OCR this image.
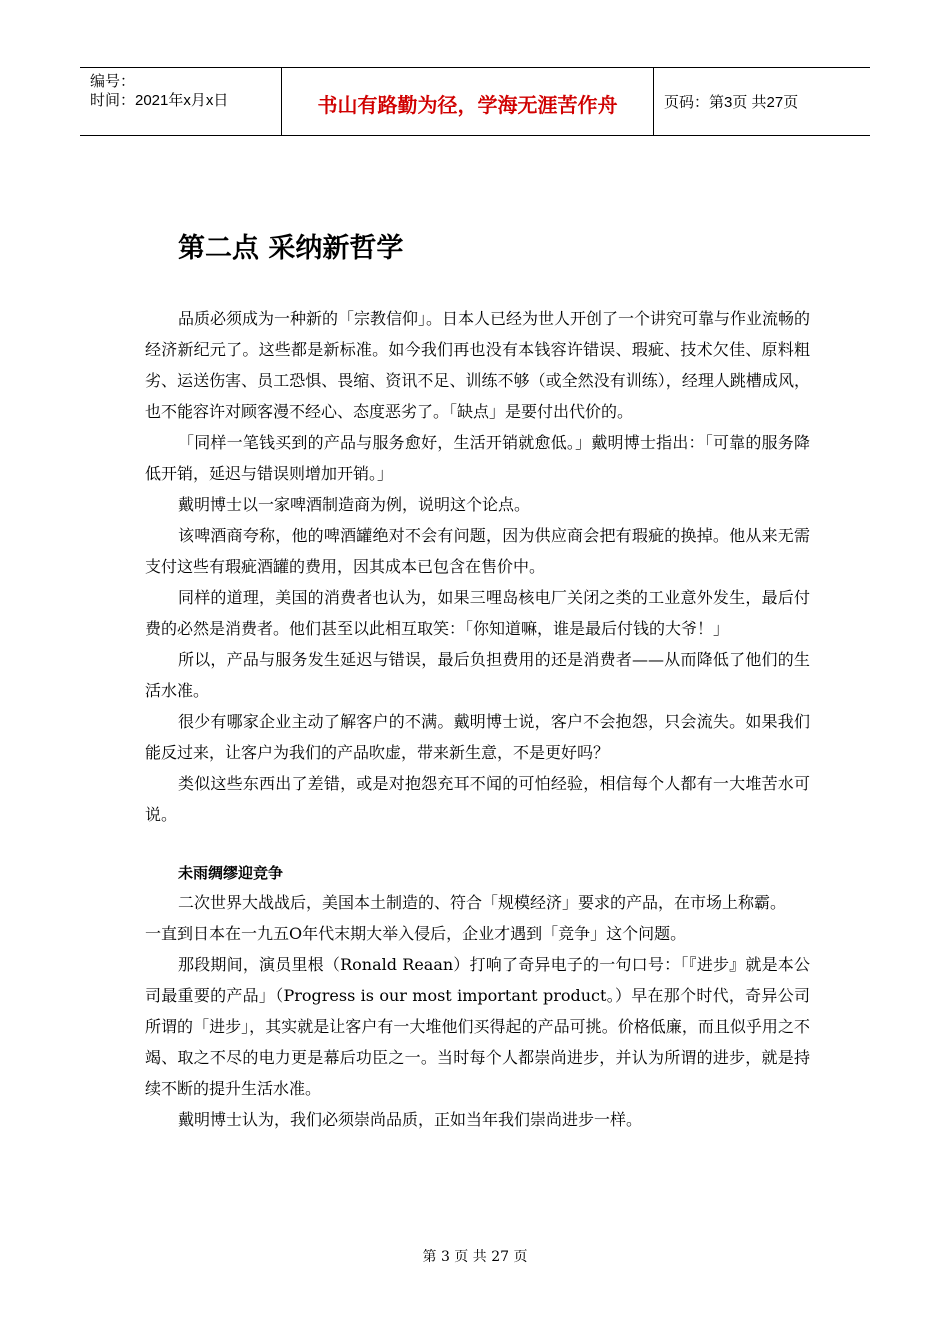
编号：
时间：2021年x月x日	书山有路勤为径，学海无涯苦作舟	页码：第3页 共27页
第二点 采纳新哲学

品质必须成为一种新的「宗教信仰」。日本人已经为世人开创了一个讲究可靠与作业流畅的经济新纪元了。这些都是新标准。如今我们再也没有本钱容许错误、瑕疵、技术欠佳、原料粗劣、运送伤害、员工恐惧、畏缩、资讯不足、训练不够（或全然没有训练），经理人跳槽成风，也不能容许对顾客漫不经心、态度恶劣了。「缺点」是要付出代价的。

「同样一笔钱买到的产品与服务愈好，生活开销就愈低。」戴明博士指出：「可靠的服务降低开销，延迟与错误则增加开销。」

戴明博士以一家啤酒制造商为例，说明这个论点。

该啤酒商夸称，他的啤酒罐绝对不会有问题，因为供应商会把有瑕疵的换掉。他从来无需支付这些有瑕疵酒罐的费用，因其成本已包含在售价中。

同样的道理，美国的消费者也认为，如果三哩岛核电厂关闭之类的工业意外发生，最后付费的必然是消费者。他们甚至以此相互取笑：「你知道嘛，谁是最后付钱的大爷！」

所以，产品与服务发生延迟与错误，最后负担费用的还是消费者——从而降低了他们的生活水准。

很少有哪家企业主动了解客户的不满。戴明博士说，客户不会抱怨，只会流失。如果我们能反过来，让客户为我们的产品吹虚，带来新生意，不是更好吗？

类似这些东西出了差错，或是对抱怨充耳不闻的可怕经验，相信每个人都有一大堆苦水可说。

未雨绸缪迎竞争

二次世界大战战后，美国本土制造的、符合「规模经济」要求的产品，在市场上称霸。

一直到日本在一九五O年代末期大举入侵后，企业才遇到「竞争」这个问题。

那段期间，演员里根（Ronald Reaan）打响了奇异电子的一句口号：「『进步』就是本公司最重要的产品」（Progress is our most important product。）早在那个时代，奇异公司所谓的「进步」，其实就是让客户有一大堆他们买得起的产品可挑。价格低廉，而且似乎用之不竭、取之不尽的电力更是幕后功臣之一。当时每个人都崇尚进步，并认为所谓的进步，就是持续不断的提升生活水准。

戴明博士认为，我们必须崇尚品质，正如当年我们崇尚进步一样。

第 3 页 共 27 页
